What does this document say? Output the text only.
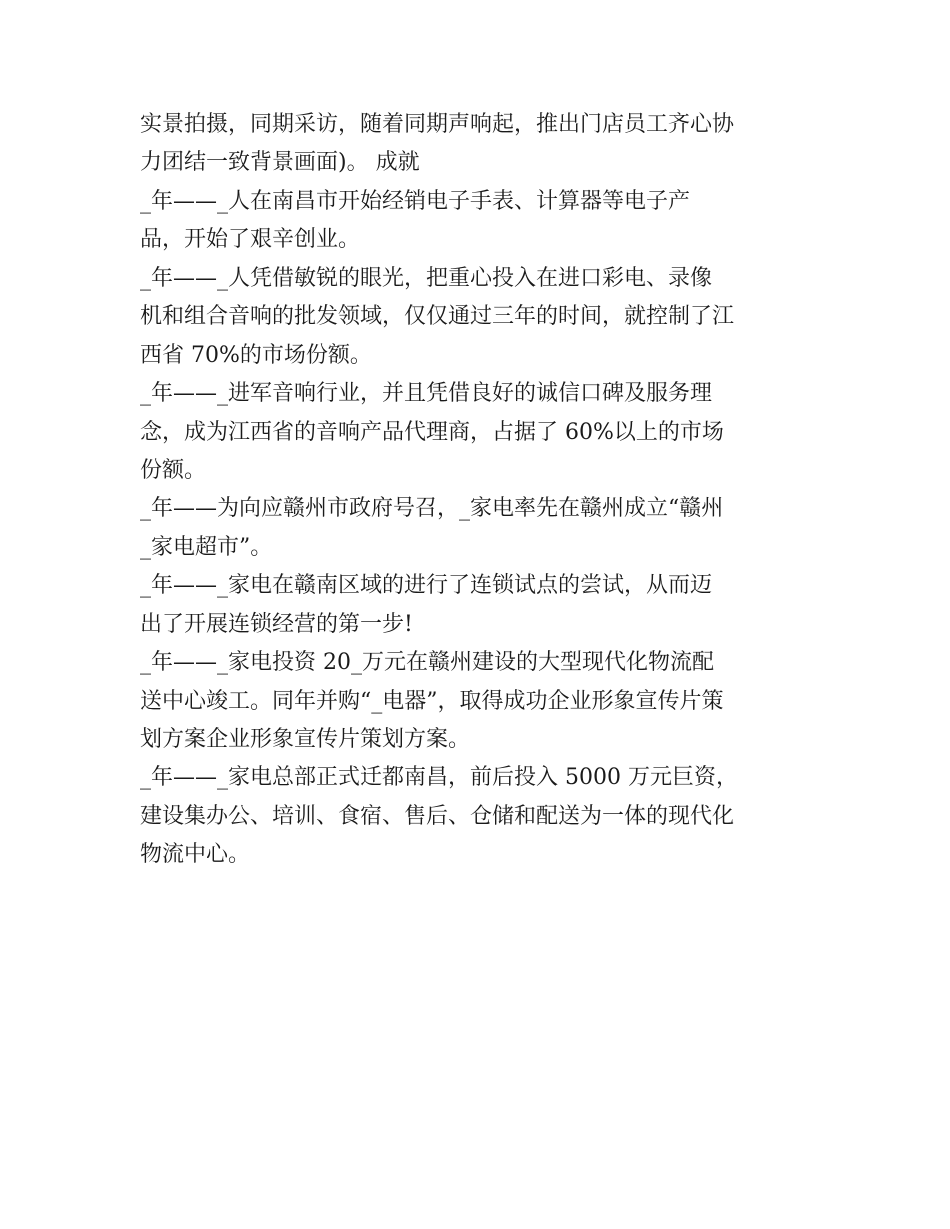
实景拍摄，同期采访，随着同期声响起，推出门店员工齐心协
力团结一致背景画面)。 成就
_年——_人在南昌市开始经销电子手表、计算器等电子产
品，开始了艰辛创业。
_年——_人凭借敏锐的眼光，把重心投入在进口彩电、录像
机和组合音响的批发领域，仅仅通过三年的时间，就控制了江
西省 70%的市场份额。
_年——_进军音响行业，并且凭借良好的诚信口碑及服务理
念，成为江西省的音响产品代理商，占据了 60%以上的市场
份额。
_年——为向应赣州市政府号召，_家电率先在赣州成立“赣州
_家电超市”。
_年——_家电在赣南区域的进行了连锁试点的尝试，从而迈
出了开展连锁经营的第一步!
_年——_家电投资 20_万元在赣州建设的大型现代化物流配
送中心竣工。同年并购“_电器”，取得成功企业形象宣传片策
划方案企业形象宣传片策划方案。
_年——_家电总部正式迁都南昌，前后投入 5000 万元巨资，
建设集办公、培训、食宿、售后、仓储和配送为一体的现代化
物流中心。
